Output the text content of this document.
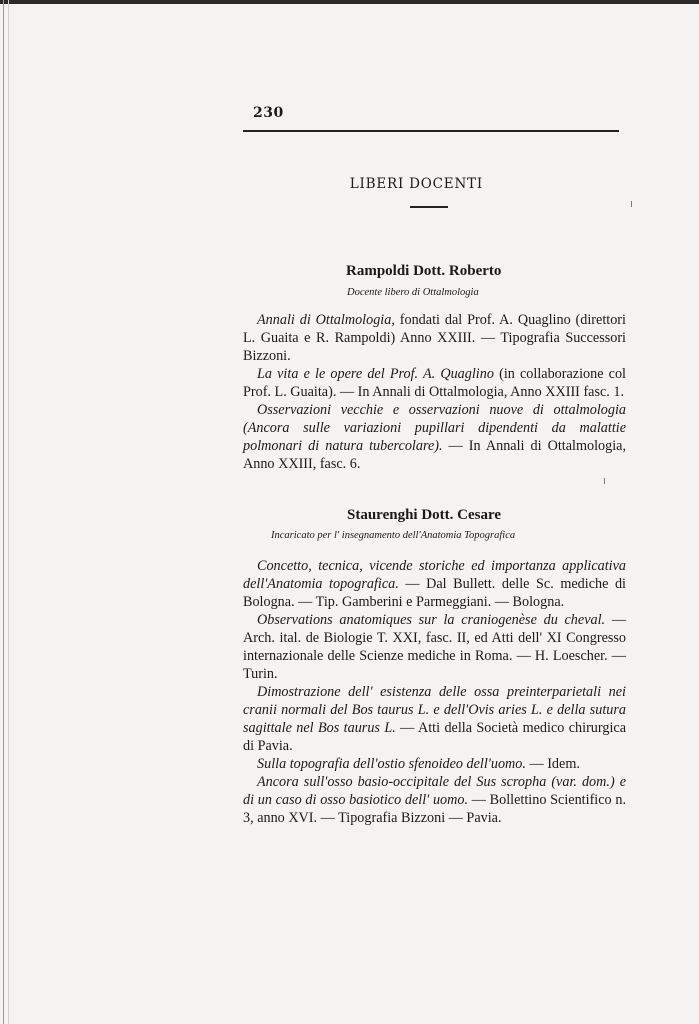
230
LIBERI DOCENTI
Rampoldi Dott. Roberto
Docente libero di Ottalmologia
Annali di Ottalmologia, fondati dal Prof. A. Quaglino (direttori L. Guaita e R. Rampoldi) Anno XXIII. — Tipografia Successori Bizzoni.
La vita e le opere del Prof. A. Quaglino (in collaborazione col Prof. L. Guaita). — In Annali di Ottalmologia, Anno XXIII fasc. 1.
Osservazioni vecchie e osservazioni nuove di ottalmologia (Ancora sulle variazioni pupillari dipendenti da malattie polmonari di natura tubercolare). — In Annali di Ottalmologia, Anno XXIII, fasc. 6.
Staurenghi Dott. Cesare
Incaricato per l' insegnamento dell'Anatomia Topografica
Concetto, tecnica, vicende storiche ed importanza applicativa dell'Anatomia topografica. — Dal Bullett. delle Sc. mediche di Bologna. — Tip. Gamberini e Parmeggiani. — Bologna.
Observations anatomiques sur la craniogenèse du cheval. — Arch. ital. de Biologie T. XXI, fasc. II, ed Atti dell' XI Congresso internazionale delle Scienze mediche in Roma. — H. Loescher. — Turin.
Dimostrazione dell' esistenza delle ossa preinterparietali nei cranii normali del Bos taurus L. e dell'Ovis aries L. e della sutura sagittale nel Bos taurus L. — Atti della Società medico chirurgica di Pavia.
Sulla topografia dell'ostio sfenoideo dell'uomo. — Idem.
Ancora sull'osso basio-occipitale del Sus scropha (var. dom.) e di un caso di osso basiotico dell' uomo. — Bollettino Scientifico n. 3, anno XVI. — Tipografia Bizzoni — Pavia.
